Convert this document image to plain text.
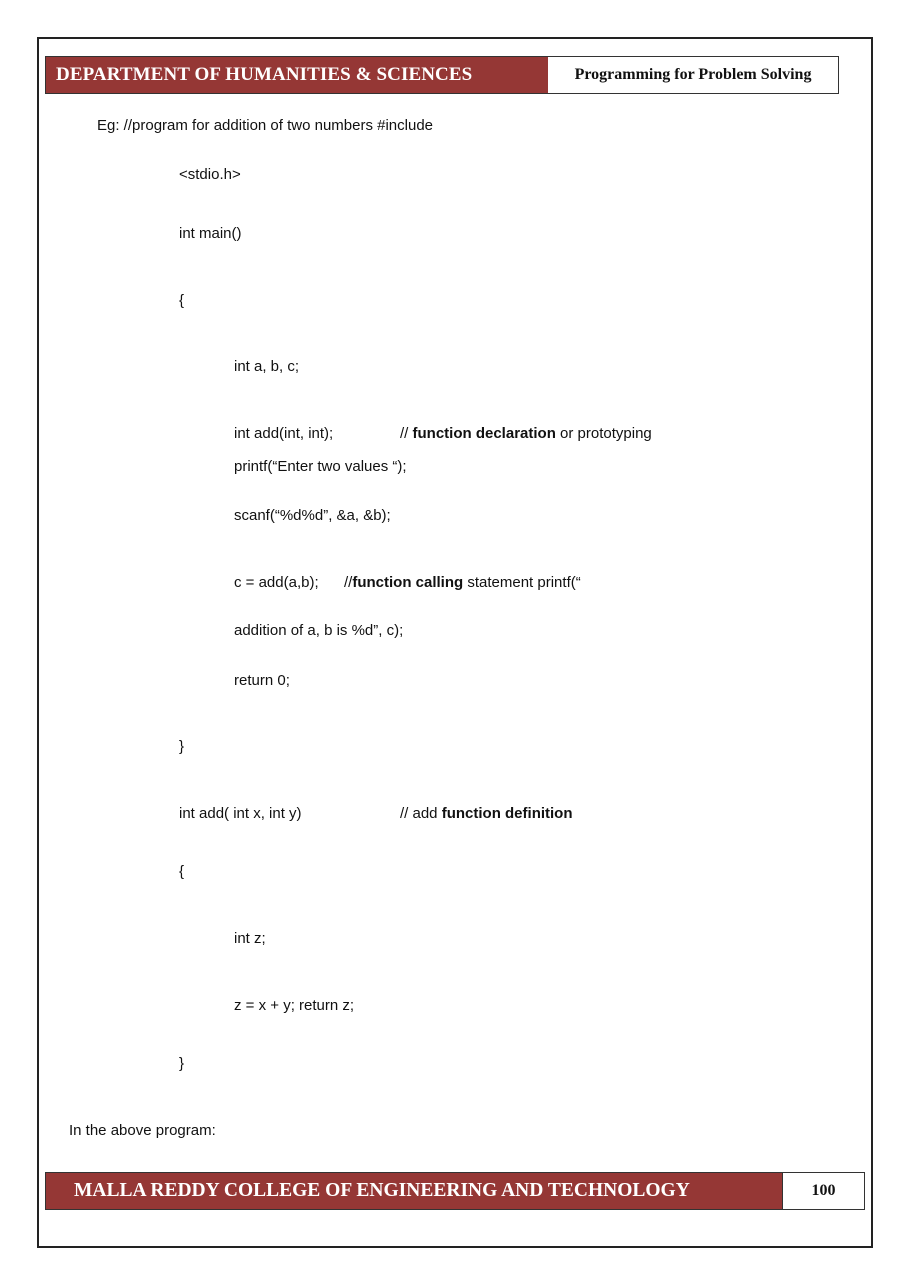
DEPARTMENT OF HUMANITIES & SCIENCES	Programming for Problem Solving
Eg: //program for addition of two numbers #include
<stdio.h>
int main()
{
int a, b, c;
int add(int, int);	// function declaration or prototyping
printf(“Enter two values “);
scanf(“%d%d”, &a, &b);
c = add(a,b); //function calling statement printf(“
addition of a, b is %d”, c);
return 0;
}
int add( int x, int y)	// add function definition
{
int z;
z = x + y; return z;
}
In the above program:
MALLA REDDY COLLEGE OF ENGINEERING AND TECHNOLOGY	100
